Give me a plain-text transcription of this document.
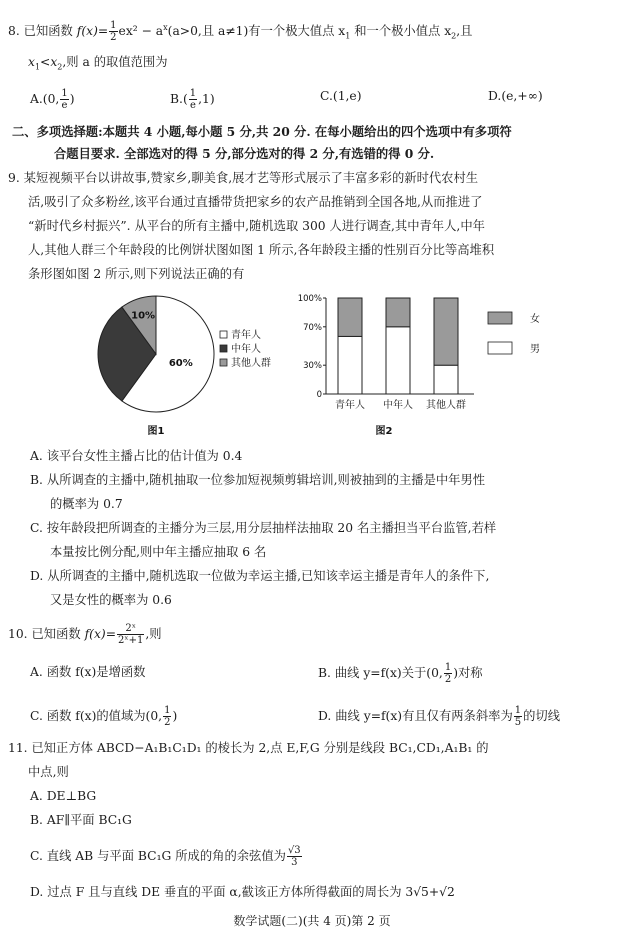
8. 已知函数 $f(x)= \frac{1}{2} ex^2 - a^x(a>0$,且 a≠1)有一个极大值点 $x_1$ 和一个极小值点 $x_2$,且
$x_1<x_2$,则 a 的取值范围为
A.(0, $\frac{1}{e}$ )	$B.( \frac{1}{e} ,1)$	C.(1,e)	D.(e,+∞)
二、多项选择题:本题共 4 小题,每小题 5 分,共 20 分. 在每小题给出的四个选项中有多项符
合题目要求. 全部选对的得 5 分,部分选对的得 2 分,有选错的得 0 分.
9. 某短视频平台以讲故事,赞家乡,聊美食,展才艺等形式展示了丰富多彩的新时代农村生
活,吸引了众多粉丝,该平台通过直播带货把家乡的农产品推销到全国各地,从而推进了
“新时代乡村振兴”. 从平台的所有主播中,随机选取 300 人进行调查,其中青年人,中年
人,其他人群三个年龄段的比例饼状图如图 1 所示,各年龄段主播的性别百分比等高堆积
条形图如图 2 所示,则下列说法正确的有
60%
10%
青年人
中年人
其他人群
图1
0
30%
70%
100%
青年人 中年人 其他人群
女
男
图2
A. 该平台女性主播占比的估计值为 0.4
B. 从所调查的主播中,随机抽取一位参加短视频剪辑培训,则被抽到的主播是中年男性
的概率为 0.7
C. 按年龄段把所调查的主播分为三层,用分层抽样法抽取 20 名主播担当平台监管,若样
本量按比例分配,则中年主播应抽取 6 名
D. 从所调查的主播中,随机选取一位做为幸运主播,已知该幸运主播是青年人的条件下,
又是女性的概率为 0.6
10. 已知函数 $f(x)= \frac{\text{2ˣ}}{\text{2ˣ+1}}$ ,则
A. 函数 f(x)是增函数	B. 曲线 y=f(x)关于(0, $\frac{1}{2}$ )对称
C. 函数 f(x)的值域为(0, $\frac{1}{2}$ )	D. 曲线 y=f(x)有且仅有两条斜率为 $\frac{1}{5}$ 的切线
11. 已知正方体 ABCD−A₁B₁C₁D₁ 的棱长为 2,点 E,F,G 分别是线段 BC₁,CD₁,A₁B₁ 的
中点,则
A. DE⊥BG
B. AF∥平面 BC₁G
C. 直线 AB 与平面 BC₁G 所成的角的余弦值为 $\frac{√3}{3}$
D. 过点 F 且与直线 DE 垂直的平面 α,截该正方体所得截面的周长为 3√5+√2
数学试题(二)(共 4 页)第 2 页
